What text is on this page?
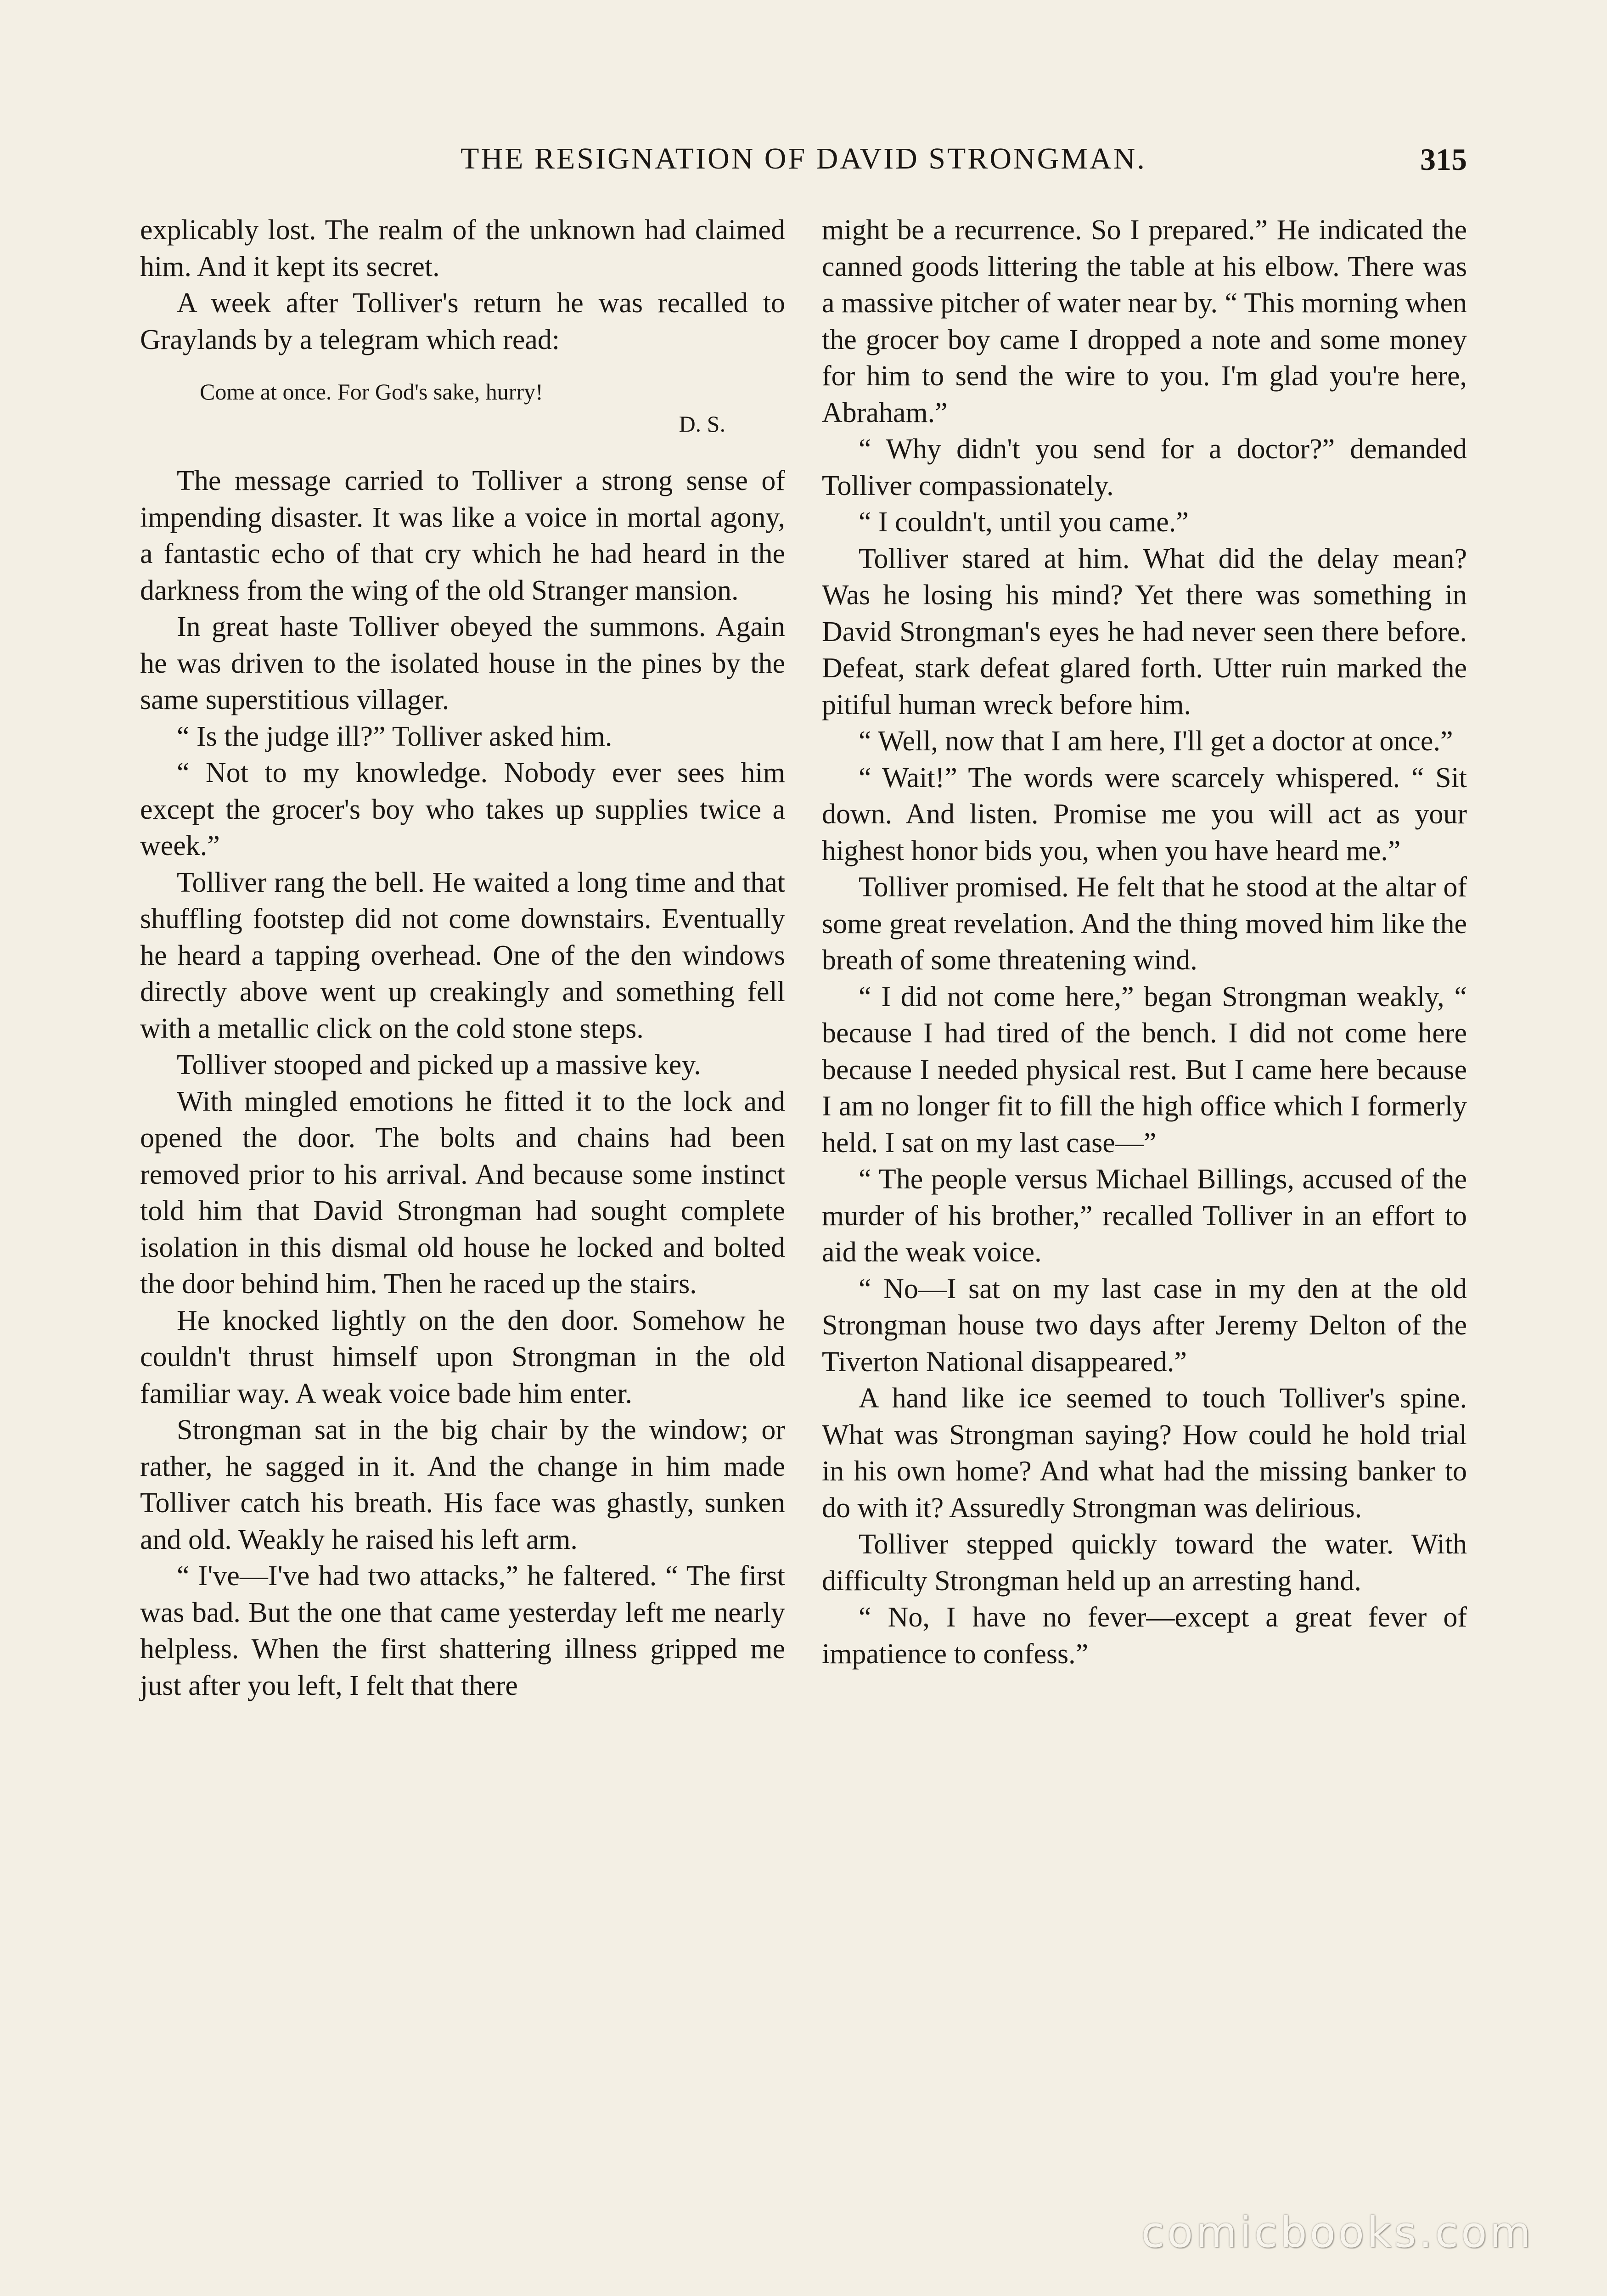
THE RESIGNATION OF DAVID STRONGMAN.	315

explicably lost. The realm of the unknown had claimed him. And it kept its secret.

A week after Tolliver's return he was recalled to Graylands by a telegram which read:

Come at once. For God's sake, hurry!
D. S.

The message carried to Tolliver a strong sense of impending disaster. It was like a voice in mortal agony, a fantastic echo of that cry which he had heard in the darkness from the wing of the old Stranger mansion.

In great haste Tolliver obeyed the summons. Again he was driven to the isolated house in the pines by the same superstitious villager.

“ Is the judge ill?” Tolliver asked him.

“ Not to my knowledge. Nobody ever sees him except the grocer's boy who takes up supplies twice a week.”

Tolliver rang the bell. He waited a long time and that shuffling footstep did not come downstairs. Eventually he heard a tapping overhead. One of the den windows directly above went up creakingly and something fell with a metallic click on the cold stone steps.

Tolliver stooped and picked up a massive key.

With mingled emotions he fitted it to the lock and opened the door. The bolts and chains had been removed prior to his arrival. And because some instinct told him that David Strongman had sought complete isolation in this dismal old house he locked and bolted the door behind him. Then he raced up the stairs.

He knocked lightly on the den door. Somehow he couldn't thrust himself upon Strongman in the old familiar way. A weak voice bade him enter.

Strongman sat in the big chair by the window; or rather, he sagged in it. And the change in him made Tolliver catch his breath. His face was ghastly, sunken and old. Weakly he raised his left arm.

“ I've—I've had two attacks,” he faltered. “ The first was bad. But the one that came yesterday left me nearly helpless. When the first shattering illness gripped me just after you left, I felt that there

might be a recurrence. So I prepared.” He indicated the canned goods littering the table at his elbow. There was a massive pitcher of water near by. “ This morning when the grocer boy came I dropped a note and some money for him to send the wire to you. I'm glad you're here, Abraham.”

“ Why didn't you send for a doctor?” demanded Tolliver compassionately.

“ I couldn't, until you came.”

Tolliver stared at him. What did the delay mean? Was he losing his mind? Yet there was something in David Strongman's eyes he had never seen there before. Defeat, stark defeat glared forth. Utter ruin marked the pitiful human wreck before him.

“ Well, now that I am here, I'll get a doctor at once.”

“ Wait!” The words were scarcely whispered. “ Sit down. And listen. Promise me you will act as your highest honor bids you, when you have heard me.”

Tolliver promised. He felt that he stood at the altar of some great revelation. And the thing moved him like the breath of some threatening wind.

“ I did not come here,” began Strongman weakly, “ because I had tired of the bench. I did not come here because I needed physical rest. But I came here because I am no longer fit to fill the high office which I formerly held. I sat on my last case—”

“ The people versus Michael Billings, accused of the murder of his brother,” recalled Tolliver in an effort to aid the weak voice.

“ No—I sat on my last case in my den at the old Strongman house two days after Jeremy Delton of the Tiverton National disappeared.”

A hand like ice seemed to touch Tolliver's spine. What was Strongman saying? How could he hold trial in his own home? And what had the missing banker to do with it? Assuredly Strongman was delirious.

Tolliver stepped quickly toward the water. With difficulty Strongman held up an arresting hand.

“ No, I have no fever—except a great fever of impatience to confess.”

comicbooks.com
